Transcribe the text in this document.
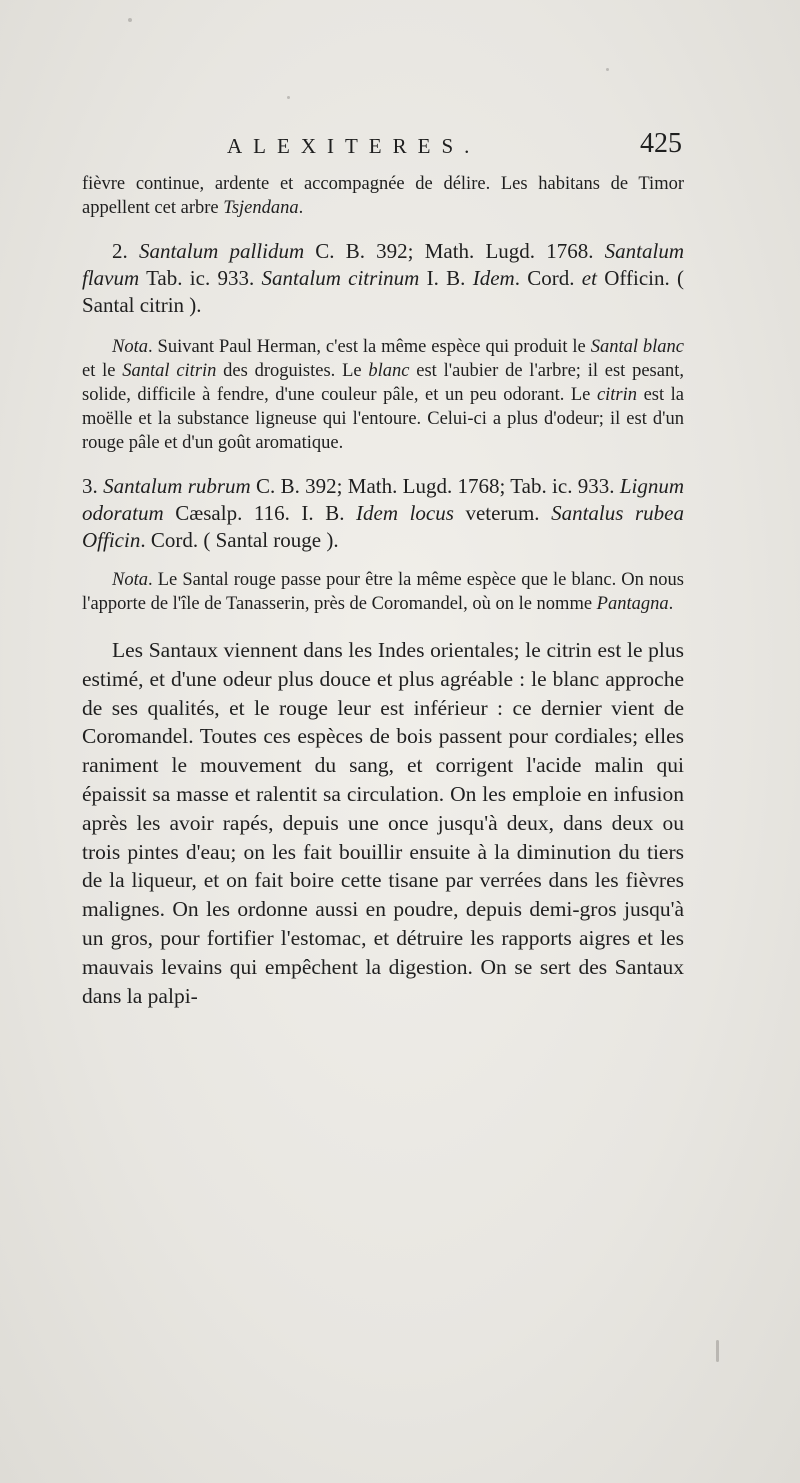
ALEXITERES.	425

fièvre continue, ardente et accompagnée de délire. Les habitans de Timor appellent cet arbre Tsjendana.

2. Santalum pallidum C. B. 392; Math. Lugd. 1768. Santalum flavum Tab. ic. 933. Santalum citrinum I. B. Idem. Cord. et Officin. ( Santal citrin ).

Nota. Suivant Paul Herman, c'est la même espèce qui produit le Santal blanc et le Santal citrin des droguistes. Le blanc est l'aubier de l'arbre; il est pesant, solide, difficile à fendre, d'une couleur pâle, et un peu odorant. Le citrin est la moëlle et la substance ligneuse qui l'entoure. Celui-ci a plus d'odeur; il est d'un rouge pâle et d'un goût aromatique.

3. Santalum rubrum C. B. 392; Math. Lugd. 1768; Tab. ic. 933. Lignum odoratum Cæsalp. 116. I. B. Idem locus veterum. Santalus rubea Officin. Cord. ( Santal rouge ).

Nota. Le Santal rouge passe pour être la même espèce que le blanc. On nous l'apporte de l'île de Tanasserin, près de Coromandel, où on le nomme Pantagna.

Les Santaux viennent dans les Indes orientales; le citrin est le plus estimé, et d'une odeur plus douce et plus agréable : le blanc approche de ses qualités, et le rouge leur est inférieur : ce dernier vient de Coromandel. Toutes ces espèces de bois passent pour cordiales; elles raniment le mouvement du sang, et corrigent l'acide malin qui épaissit sa masse et ralentit sa circulation. On les emploie en infusion après les avoir rapés, depuis une once jusqu'à deux, dans deux ou trois pintes d'eau; on les fait bouillir ensuite à la diminution du tiers de la liqueur, et on fait boire cette tisane par verrées dans les fièvres malignes. On les ordonne aussi en poudre, depuis demi-gros jusqu'à un gros, pour fortifier l'estomac, et détruire les rapports aigres et les mauvais levains qui empêchent la digestion. On se sert des Santaux dans la palpi-
